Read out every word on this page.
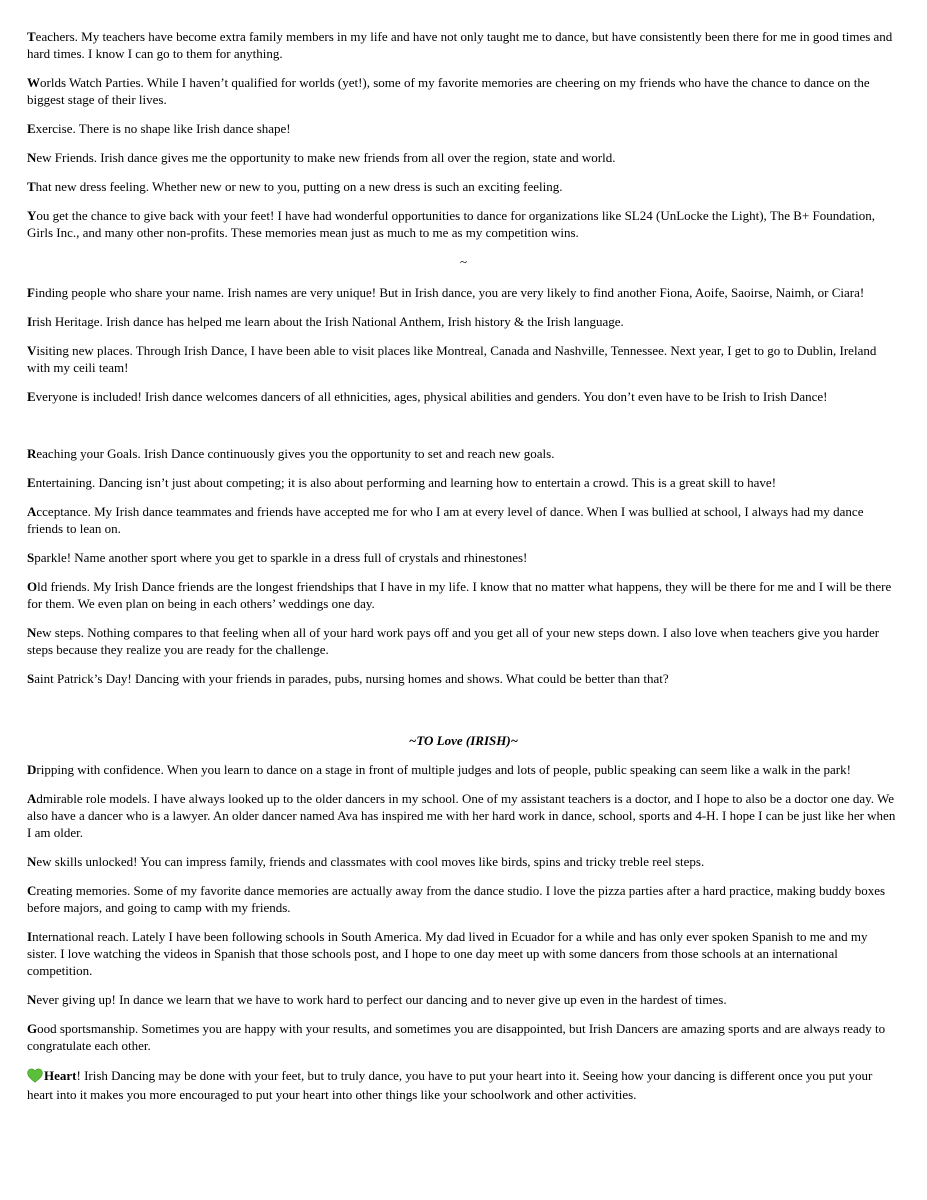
Teachers. My teachers have become extra family members in my life and have not only taught me to dance, but have consistently been there for me in good times and hard times. I know I can go to them for anything.

Worlds Watch Parties. While I haven’t qualified for worlds (yet!), some of my favorite memories are cheering on my friends who have the chance to dance on the biggest stage of their lives.

Exercise. There is no shape like Irish dance shape!

New Friends. Irish dance gives me the opportunity to make new friends from all over the region, state and world.

That new dress feeling. Whether new or new to you, putting on a new dress is such an exciting feeling.

You get the chance to give back with your feet! I have had wonderful opportunities to dance for organizations like SL24 (UnLocke the Light), The B+ Foundation, Girls Inc., and many other non-profits. These memories mean just as much to me as my competition wins.

~

Finding people who share your name. Irish names are very unique! But in Irish dance, you are very likely to find another Fiona, Aoife, Saoirse, Naimh, or Ciara!

Irish Heritage. Irish dance has helped me learn about the Irish National Anthem, Irish history & the Irish language.

Visiting new places. Through Irish Dance, I have been able to visit places like Montreal, Canada and Nashville, Tennessee. Next year, I get to go to Dublin, Ireland with my ceili team!

Everyone is included! Irish dance welcomes dancers of all ethnicities, ages, physical abilities and genders. You don’t even have to be Irish to Irish Dance!

Reaching your Goals. Irish Dance continuously gives you the opportunity to set and reach new goals.

Entertaining. Dancing isn’t just about competing; it is also about performing and learning how to entertain a crowd. This is a great skill to have!

Acceptance. My Irish dance teammates and friends have accepted me for who I am at every level of dance. When I was bullied at school, I always had my dance friends to lean on.

Sparkle! Name another sport where you get to sparkle in a dress full of crystals and rhinestones!

Old friends. My Irish Dance friends are the longest friendships that I have in my life. I know that no matter what happens, they will be there for me and I will be there for them. We even plan on being in each others’ weddings one day.

New steps. Nothing compares to that feeling when all of your hard work pays off and you get all of your new steps down. I also love when teachers give you harder steps because they realize you are ready for the challenge.

Saint Patrick’s Day! Dancing with your friends in parades, pubs, nursing homes and shows. What could be better than that?

~TO Love (IRISH)~

Dripping with confidence. When you learn to dance on a stage in front of multiple judges and lots of people, public speaking can seem like a walk in the park!

Admirable role models. I have always looked up to the older dancers in my school. One of my assistant teachers is a doctor, and I hope to also be a doctor one day. We also have a dancer who is a lawyer. An older dancer named Ava has inspired me with her hard work in dance, school, sports and 4-H. I hope I can be just like her when I am older.

New skills unlocked! You can impress family, friends and classmates with cool moves like birds, spins and tricky treble reel steps.

Creating memories. Some of my favorite dance memories are actually away from the dance studio. I love the pizza parties after a hard practice, making buddy boxes before majors, and going to camp with my friends.

International reach. Lately I have been following schools in South America. My dad lived in Ecuador for a while and has only ever spoken Spanish to me and my sister. I love watching the videos in Spanish that those schools post, and I hope to one day meet up with some dancers from those schools at an international competition.

Never giving up! In dance we learn that we have to work hard to perfect our dancing and to never give up even in the hardest of times.

Good sportsmanship. Sometimes you are happy with your results, and sometimes you are disappointed, but Irish Dancers are amazing sports and are always ready to congratulate each other.

Heart! Irish Dancing may be done with your feet, but to truly dance, you have to put your heart into it. Seeing how your dancing is different once you put your heart into it makes you more encouraged to put your heart into other things like your schoolwork and other activities.
